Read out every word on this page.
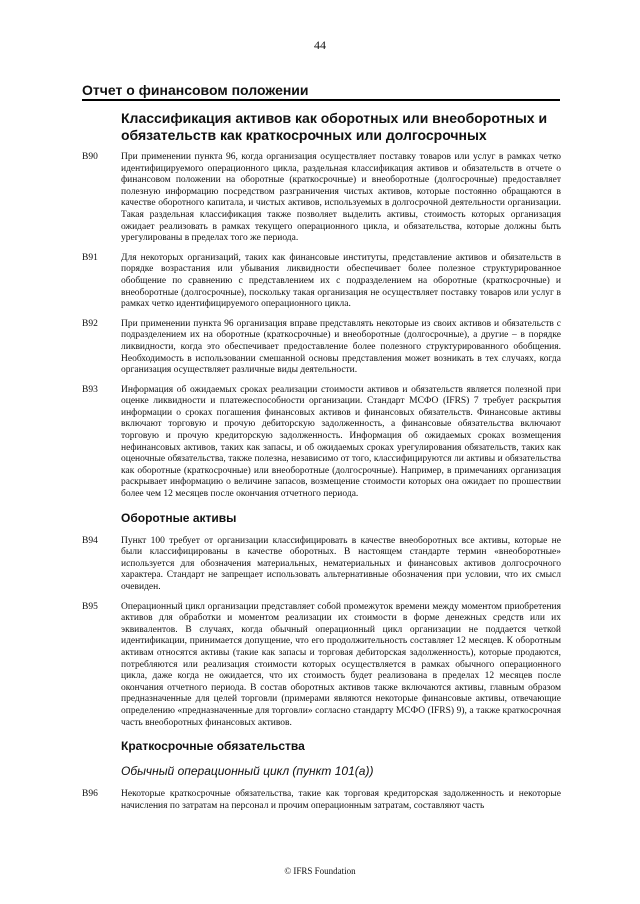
44
Отчет о финансовом положении
Классификация активов как оборотных или внеоборотных и обязательств как краткосрочных или долгосрочных
B90	При применении пункта 96, когда организация осуществляет поставку товаров или услуг в рамках четко идентифицируемого операционного цикла, раздельная классификация активов и обязательств в отчете о финансовом положении на оборотные (краткосрочные) и внеоборотные (долгосрочные) предоставляет полезную информацию посредством разграничения чистых активов, которые постоянно обращаются в качестве оборотного капитала, и чистых активов, используемых в долгосрочной деятельности организации. Такая раздельная классификация также позволяет выделить активы, стоимость которых организация ожидает реализовать в рамках текущего операционного цикла, и обязательства, которые должны быть урегулированы в пределах того же периода.
B91	Для некоторых организаций, таких как финансовые институты, представление активов и обязательств в порядке возрастания или убывания ликвидности обеспечивает более полезное структурированное обобщение по сравнению с представлением их с подразделением на оборотные (краткосрочные) и внеоборотные (долгосрочные), поскольку такая организация не осуществляет поставку товаров или услуг в рамках четко идентифицируемого операционного цикла.
B92	При применении пункта 96 организация вправе представлять некоторые из своих активов и обязательств с подразделением их на оборотные (краткосрочные) и внеоборотные (долгосрочные), а другие – в порядке ликвидности, когда это обеспечивает предоставление более полезного структурированного обобщения. Необходимость в использовании смешанной основы представления может возникать в тех случаях, когда организация осуществляет различные виды деятельности.
B93	Информация об ожидаемых сроках реализации стоимости активов и обязательств является полезной при оценке ликвидности и платежеспособности организации. Стандарт МСФО (IFRS) 7 требует раскрытия информации о сроках погашения финансовых активов и финансовых обязательств. Финансовые активы включают торговую и прочую дебиторскую задолженность, а финансовые обязательства включают торговую и прочую кредиторскую задолженность. Информация об ожидаемых сроках возмещения нефинансовых активов, таких как запасы, и об ожидаемых сроках урегулирования обязательств, таких как оценочные обязательства, также полезна, независимо от того, классифицируются ли активы и обязательства как оборотные (краткосрочные) или внеоборотные (долгосрочные). Например, в примечаниях организация раскрывает информацию о величине запасов, возмещение стоимости которых она ожидает по прошествии более чем 12 месяцев после окончания отчетного периода.
Оборотные активы
B94	Пункт 100 требует от организации классифицировать в качестве внеоборотных все активы, которые не были классифицированы в качестве оборотных. В настоящем стандарте термин «внеоборотные» используется для обозначения материальных, нематериальных и финансовых активов долгосрочного характера. Стандарт не запрещает использовать альтернативные обозначения при условии, что их смысл очевиден.
B95	Операционный цикл организации представляет собой промежуток времени между моментом приобретения активов для обработки и моментом реализации их стоимости в форме денежных средств или их эквивалентов. В случаях, когда обычный операционный цикл организации не поддается четкой идентификации, принимается допущение, что его продолжительность составляет 12 месяцев. К оборотным активам относятся активы (такие как запасы и торговая дебиторская задолженность), которые продаются, потребляются или реализация стоимости которых осуществляется в рамках обычного операционного цикла, даже когда не ожидается, что их стоимость будет реализована в пределах 12 месяцев после окончания отчетного периода. В состав оборотных активов также включаются активы, главным образом предназначенные для целей торговли (примерами являются некоторые финансовые активы, отвечающие определению «предназначенные для торговли» согласно стандарту МСФО (IFRS) 9), а также краткосрочная часть внеоборотных финансовых активов.
Краткосрочные обязательства
Обычный операционный цикл (пункт 101(а))
B96	Некоторые краткосрочные обязательства, такие как торговая кредиторская задолженность и некоторые начисления по затратам на персонал и прочим операционным затратам, составляют часть
© IFRS Foundation
